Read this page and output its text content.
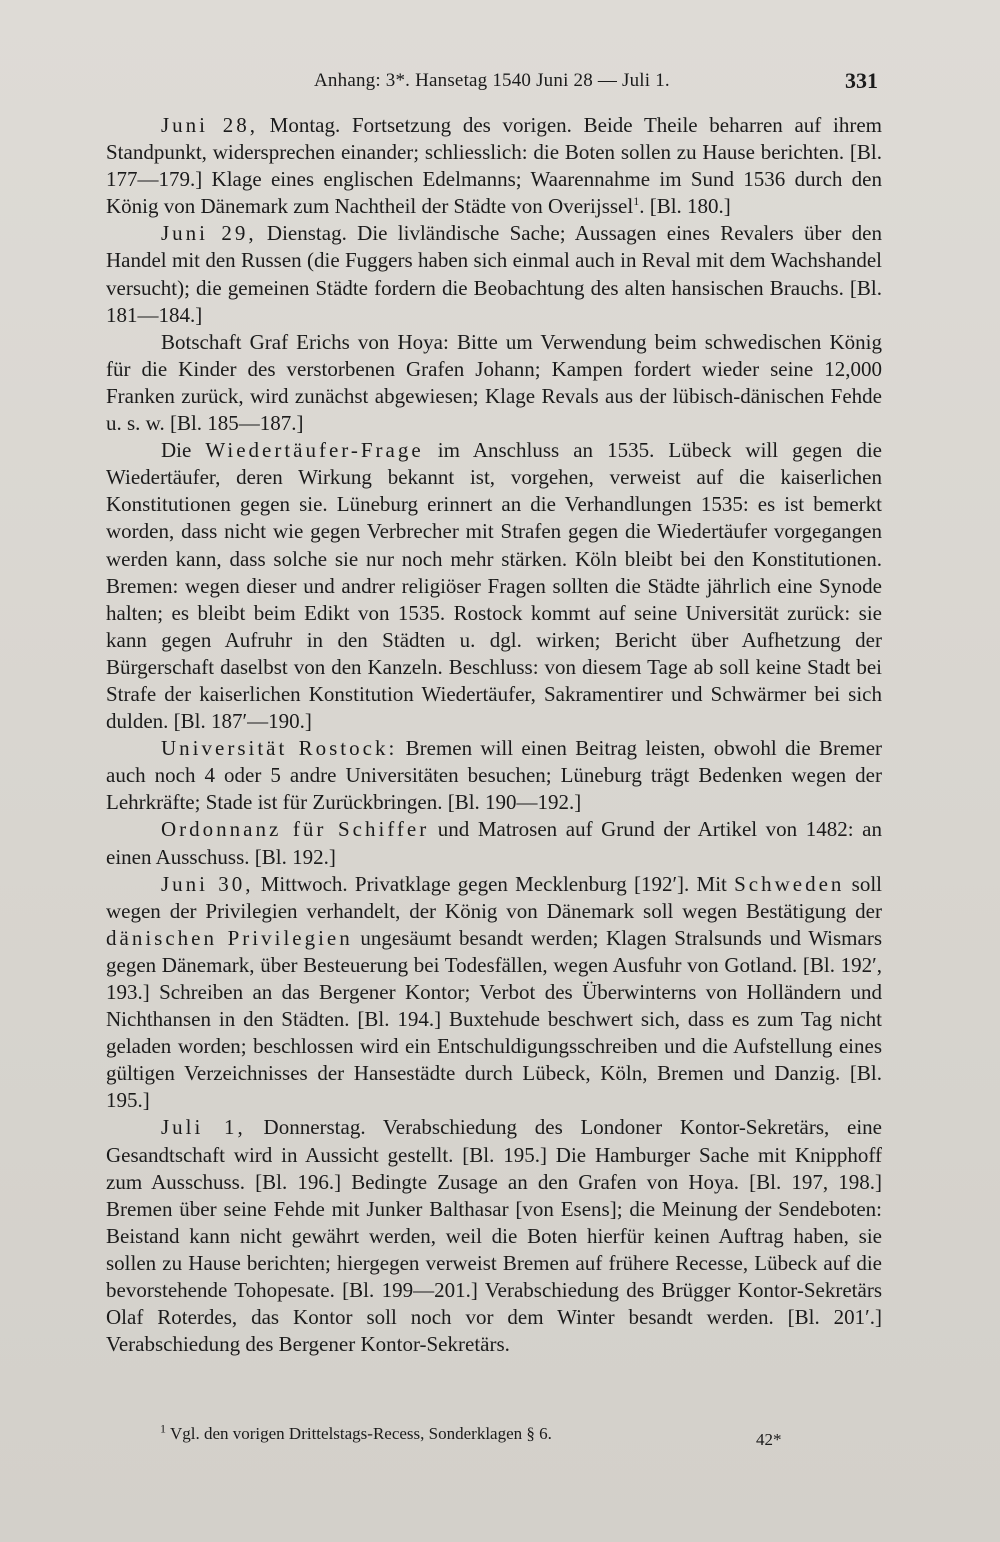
Anhang: 3*. Hansetag 1540 Juni 28 — Juli 1.	331

Juni 28, Montag. Fortsetzung des vorigen. Beide Theile beharren auf ihrem Standpunkt, widersprechen einander; schliesslich: die Boten sollen zu Hause berichten. [Bl. 177—179.] Klage eines englischen Edelmanns; Waarennahme im Sund 1536 durch den König von Dänemark zum Nachtheil der Städte von Overijssel$^1$. [Bl. 180.]

Juni 29, Dienstag. Die livländische Sache; Aussagen eines Revalers über den Handel mit den Russen (die Fuggers haben sich einmal auch in Reval mit dem Wachshandel versucht); die gemeinen Städte fordern die Beobachtung des alten hansischen Brauchs. [Bl. 181—184.]

Botschaft Graf Erichs von Hoya: Bitte um Verwendung beim schwedischen König für die Kinder des verstorbenen Grafen Johann; Kampen fordert wieder seine 12,000 Franken zurück, wird zunächst abgewiesen; Klage Revals aus der lübisch-dänischen Fehde u. s. w. [Bl. 185—187.]

Die Wiedertäufer-Frage im Anschluss an 1535. Lübeck will gegen die Wiedertäufer, deren Wirkung bekannt ist, vorgehen, verweist auf die kaiserlichen Konstitutionen gegen sie. Lüneburg erinnert an die Verhandlungen 1535: es ist bemerkt worden, dass nicht wie gegen Verbrecher mit Strafen gegen die Wiedertäufer vorgegangen werden kann, dass solche sie nur noch mehr stärken. Köln bleibt bei den Konstitutionen. Bremen: wegen dieser und andrer religiöser Fragen sollten die Städte jährlich eine Synode halten; es bleibt beim Edikt von 1535. Rostock kommt auf seine Universität zurück: sie kann gegen Aufruhr in den Städten u. dgl. wirken; Bericht über Aufhetzung der Bürgerschaft daselbst von den Kanzeln. Beschluss: von diesem Tage ab soll keine Stadt bei Strafe der kaiserlichen Konstitution Wiedertäufer, Sakramentirer und Schwärmer bei sich dulden. [Bl. 187′—190.]

Universität Rostock: Bremen will einen Beitrag leisten, obwohl die Bremer auch noch 4 oder 5 andre Universitäten besuchen; Lüneburg trägt Bedenken wegen der Lehrkräfte; Stade ist für Zurückbringen. [Bl. 190—192.]

Ordonnanz für Schiffer und Matrosen auf Grund der Artikel von 1482: an einen Ausschuss. [Bl. 192.]

Juni 30, Mittwoch. Privatklage gegen Mecklenburg [192′]. Mit Schweden soll wegen der Privilegien verhandelt, der König von Dänemark soll wegen Bestätigung der dänischen Privilegien ungesäumt besandt werden; Klagen Stralsunds und Wismars gegen Dänemark, über Besteuerung bei Todesfällen, wegen Ausfuhr von Gotland. [Bl. 192′, 193.] Schreiben an das Bergener Kontor; Verbot des Überwinterns von Holländern und Nichthansen in den Städten. [Bl. 194.] Buxtehude beschwert sich, dass es zum Tag nicht geladen worden; beschlossen wird ein Entschuldigungsschreiben und die Aufstellung eines gültigen Verzeichnisses der Hansestädte durch Lübeck, Köln, Bremen und Danzig. [Bl. 195.]

Juli 1, Donnerstag. Verabschiedung des Londoner Kontor-Sekretärs, eine Gesandtschaft wird in Aussicht gestellt. [Bl. 195.] Die Hamburger Sache mit Knipphoff zum Ausschuss. [Bl. 196.] Bedingte Zusage an den Grafen von Hoya. [Bl. 197, 198.] Bremen über seine Fehde mit Junker Balthasar [von Esens]; die Meinung der Sendeboten: Beistand kann nicht gewährt werden, weil die Boten hierfür keinen Auftrag haben, sie sollen zu Hause berichten; hiergegen verweist Bremen auf frühere Recesse, Lübeck auf die bevorstehende Tohopesate. [Bl. 199—201.] Verabschiedung des Brügger Kontor-Sekretärs Olaf Roterdes, das Kontor soll noch vor dem Winter besandt werden. [Bl. 201′.] Verabschiedung des Bergener Kontor-Sekretärs.

$^1$ Vgl. den vorigen Drittelstags-Recess, Sonderklagen § 6.	42*
